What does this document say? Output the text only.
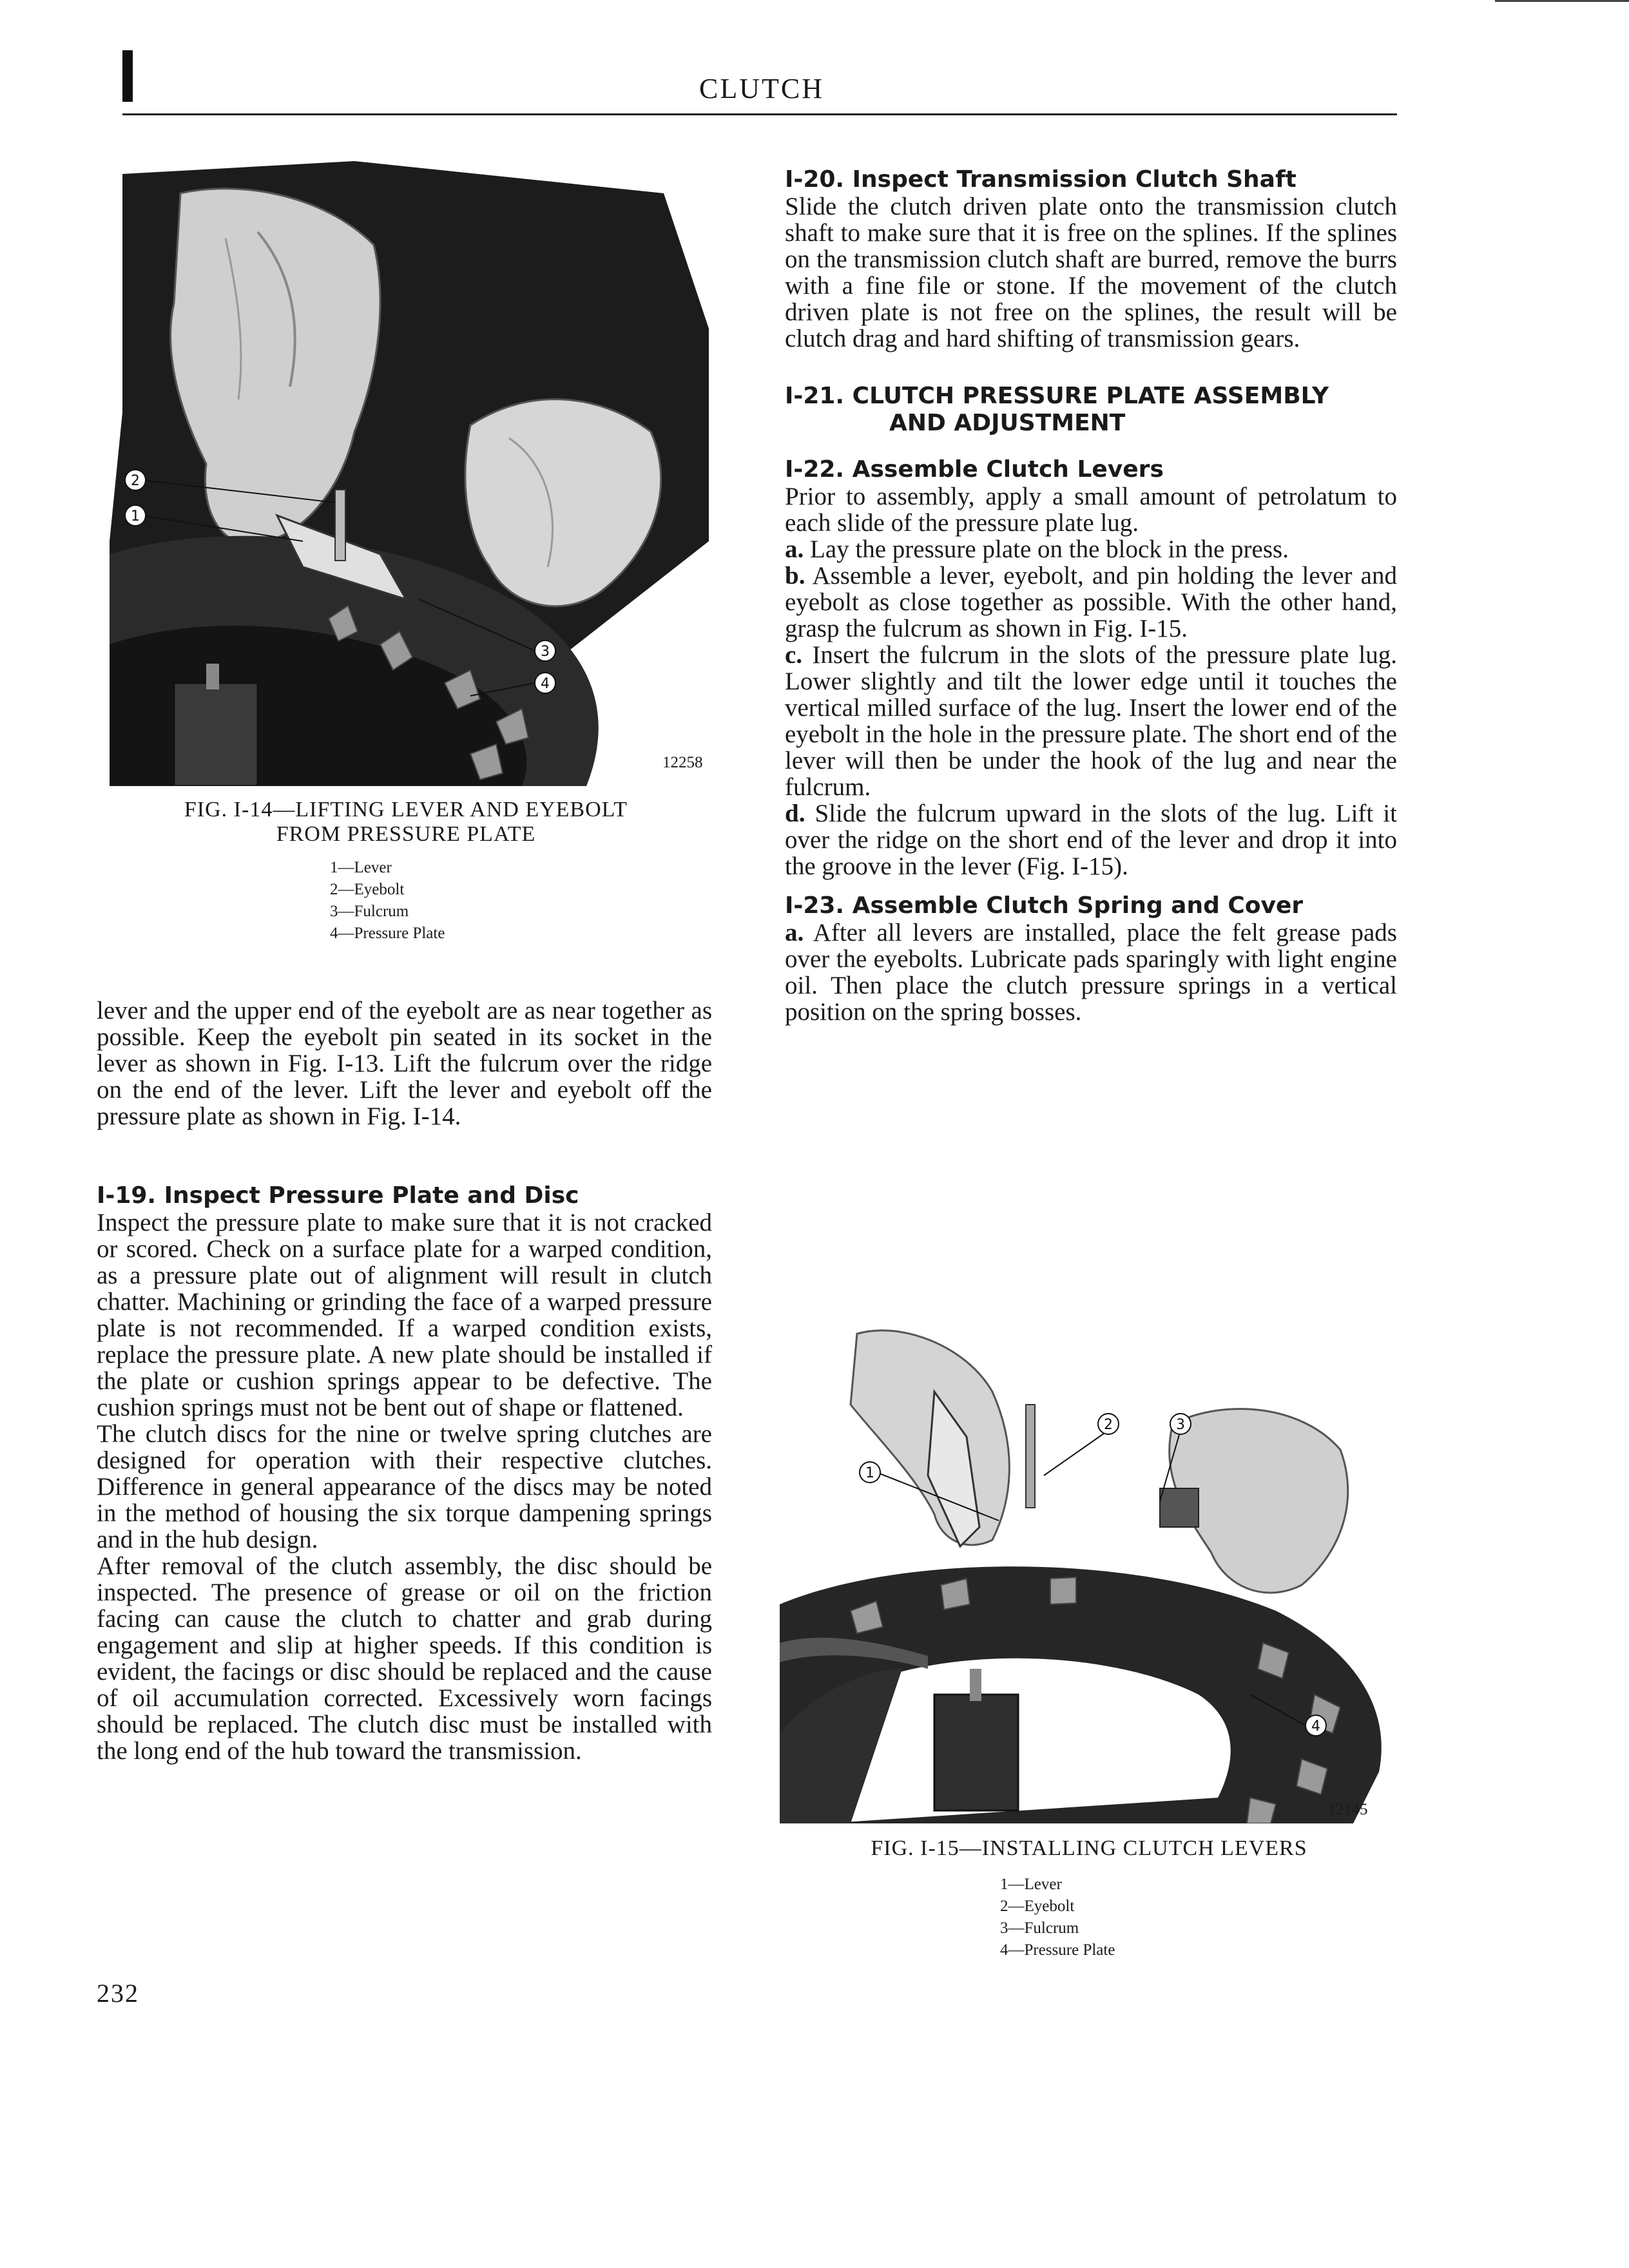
CLUTCH
2
1
3
4
12258
FIG. I-14—LIFTING LEVER AND EYEBOLT
FROM PRESSURE PLATE
1—Lever
2—Eyebolt
3—Fulcrum
4—Pressure Plate

lever and the upper end of the eyebolt are as near together as possible. Keep the eyebolt pin seated in its socket in the lever as shown in Fig. I-13. Lift the fulcrum over the ridge on the end of the lever. Lift the lever and eyebolt off the pressure plate as shown in Fig. I-14.

I-19. Inspect Pressure Plate and Disc

Inspect the pressure plate to make sure that it is not cracked or scored. Check on a surface plate for a warped condition, as a pressure plate out of alignment will result in clutch chatter. Machining or grinding the face of a warped pressure plate is not recommended. If a warped condition exists, replace the pressure plate. A new plate should be installed if the plate or cushion springs appear to be defective. The cushion springs must not be bent out of shape or flattened.

The clutch discs for the nine or twelve spring clutches are designed for operation with their respective clutches. Difference in general appearance of the discs may be noted in the method of housing the six torque dampening springs and in the hub design.

After removal of the clutch assembly, the disc should be inspected. The presence of grease or oil on the friction facing can cause the clutch to chatter and grab during engagement and slip at higher speeds. If this condition is evident, the facings or disc should be replaced and the cause of oil accumulation corrected. Excessively worn facings should be replaced. The clutch disc must be installed with the long end of the hub toward the transmission.

I-20. Inspect Transmission Clutch Shaft

Slide the clutch driven plate onto the transmission clutch shaft to make sure that it is free on the splines. If the splines on the transmission clutch shaft are burred, remove the burrs with a fine file or stone. If the movement of the clutch driven plate is not free on the splines, the result will be clutch drag and hard shifting of transmission gears.

I-21. CLUTCH PRESSURE PLATE ASSEMBLY
AND ADJUSTMENT
I-22. Assemble Clutch Levers

Prior to assembly, apply a small amount of petrolatum to each slide of the pressure plate lug.

a. Lay the pressure plate on the block in the press.

b. Assemble a lever, eyebolt, and pin holding the lever and eyebolt as close together as possible. With the other hand, grasp the fulcrum as shown in Fig. I-15.

c. Insert the fulcrum in the slots of the pressure plate lug. Lower slightly and tilt the lower edge until it touches the vertical milled surface of the lug. Insert the lower end of the eyebolt in the hole in the pressure plate. The short end of the lever will then be under the hook of the lug and near the fulcrum.

d. Slide the fulcrum upward in the slots of the lug. Lift it over the ridge on the short end of the lever and drop it into the groove in the lever (Fig. I-15).

I-23. Assemble Clutch Spring and Cover

a. After all levers are installed, place the felt grease pads over the eyebolts. Lubricate pads sparingly with light engine oil. Then place the clutch pressure springs in a vertical position on the spring bosses.

1
2	3
4
12145
FIG. I-15—INSTALLING CLUTCH LEVERS
1—Lever
2—Eyebolt
3—Fulcrum
4—Pressure Plate
232
